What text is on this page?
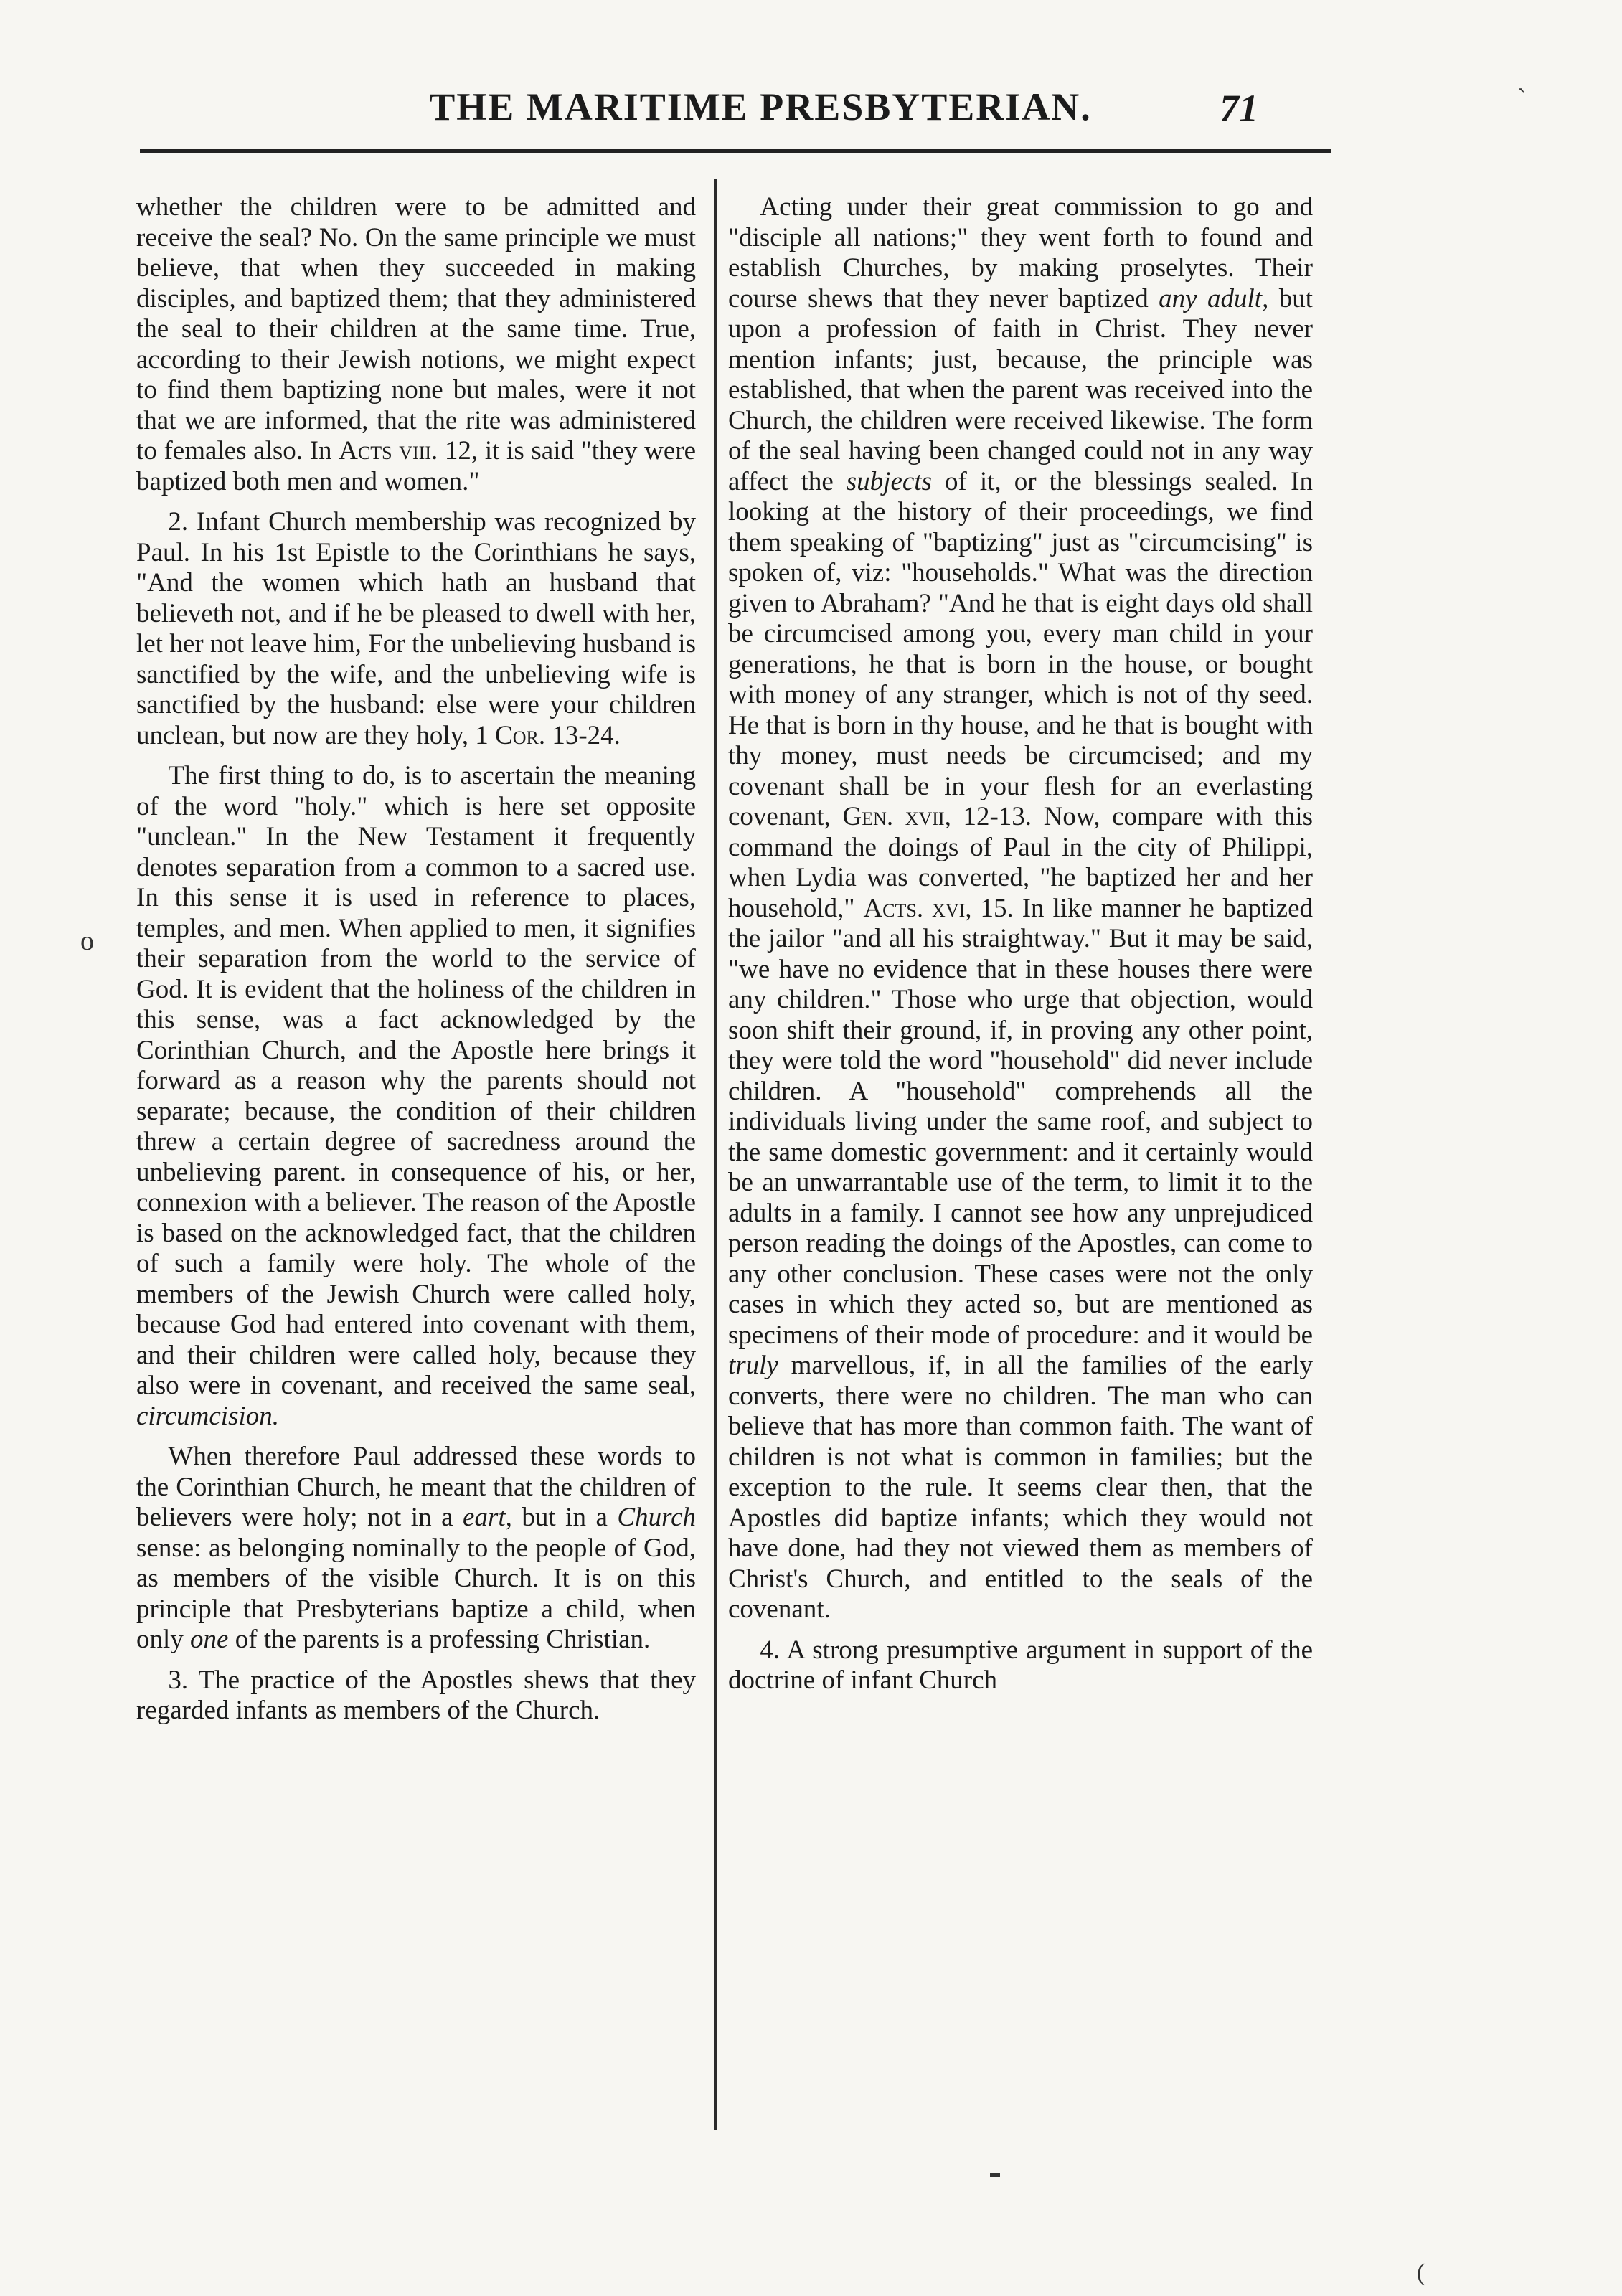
THE MARITIME PRESBYTERIAN.	71

whether the children were to be admitted and receive the seal? No. On the same principle we must believe, that when they succeeded in making disciples, and baptized them; that they administered the seal to their children at the same time. True, according to their Jewish notions, we might expect to find them baptizing none but males, were it not that we are informed, that the rite was administered to females also. In Acts viii. 12, it is said "they were baptized both men and women."

2. Infant Church membership was recognized by Paul. In his 1st Epistle to the Corinthians he says, "And the women which hath an husband that believeth not, and if he be pleased to dwell with her, let her not leave him, For the unbelieving husband is sanctified by the wife, and the unbelieving wife is sanctified by the husband: else were your children unclean, but now are they holy, 1 Cor. 13-24.

The first thing to do, is to ascertain the meaning of the word "holy." which is here set opposite "unclean." In the New Testament it frequently denotes separation from a common to a sacred use. In this sense it is used in reference to places, temples, and men. When applied to men, it signifies their separation from the world to the service of God. It is evident that the holiness of the children in this sense, was a fact acknowledged by the Corinthian Church, and the Apostle here brings it forward as a reason why the parents should not separate; because, the condition of their children threw a certain degree of sacredness around the unbelieving parent. in consequence of his, or her, connexion with a believer. The reason of the Apostle is based on the acknowledged fact, that the children of such a family were holy. The whole of the members of the Jewish Church were called holy, because God had entered into covenant with them, and their children were called holy, because they also were in covenant, and received the same seal, circumcision.

When therefore Paul addressed these words to the Corinthian Church, he meant that the children of believers were holy; not in a eart, but in a Church sense: as belonging nominally to the people of God, as members of the visible Church. It is on this principle that Presbyterians baptize a child, when only one of the parents is a professing Christian.

3. The practice of the Apostles shews that they regarded infants as members of the Church.

Acting under their great commission to go and "disciple all nations;" they went forth to found and establish Churches, by making proselytes. Their course shews that they never baptized any adult, but upon a profession of faith in Christ. They never mention infants; just, because, the principle was established, that when the parent was received into the Church, the children were received likewise. The form of the seal having been changed could not in any way affect the subjects of it, or the blessings sealed. In looking at the history of their proceedings, we find them speaking of "baptizing" just as "circumcising" is spoken of, viz: "households." What was the direction given to Abraham? "And he that is eight days old shall be circumcised among you, every man child in your generations, he that is born in the house, or bought with money of any stranger, which is not of thy seed. He that is born in thy house, and he that is bought with thy money, must needs be circumcised; and my covenant shall be in your flesh for an everlasting covenant, Gen. xvii, 12-13. Now, compare with this command the doings of Paul in the city of Philippi, when Lydia was converted, "he baptized her and her household," Acts. xvi, 15. In like manner he baptized the jailor "and all his straightway." But it may be said, "we have no evidence that in these houses there were any children." Those who urge that objection, would soon shift their ground, if, in proving any other point, they were told the word "household" did never include children. A "household" comprehends all the individuals living under the same roof, and subject to the same domestic government: and it certainly would be an unwarrantable use of the term, to limit it to the adults in a family. I cannot see how any unprejudiced person reading the doings of the Apostles, can come to any other conclusion. These cases were not the only cases in which they acted so, but are mentioned as specimens of their mode of procedure: and it would be truly marvellous, if, in all the families of the early converts, there were no children. The man who can believe that has more than common faith. The want of children is not what is common in families; but the exception to the rule. It seems clear then, that the Apostles did baptize infants; which they would not have done, had they not viewed them as members of Christ's Church, and entitled to the seals of the covenant.

4. A strong presumptive argument in support of the doctrine of infant Church

o
`
(
